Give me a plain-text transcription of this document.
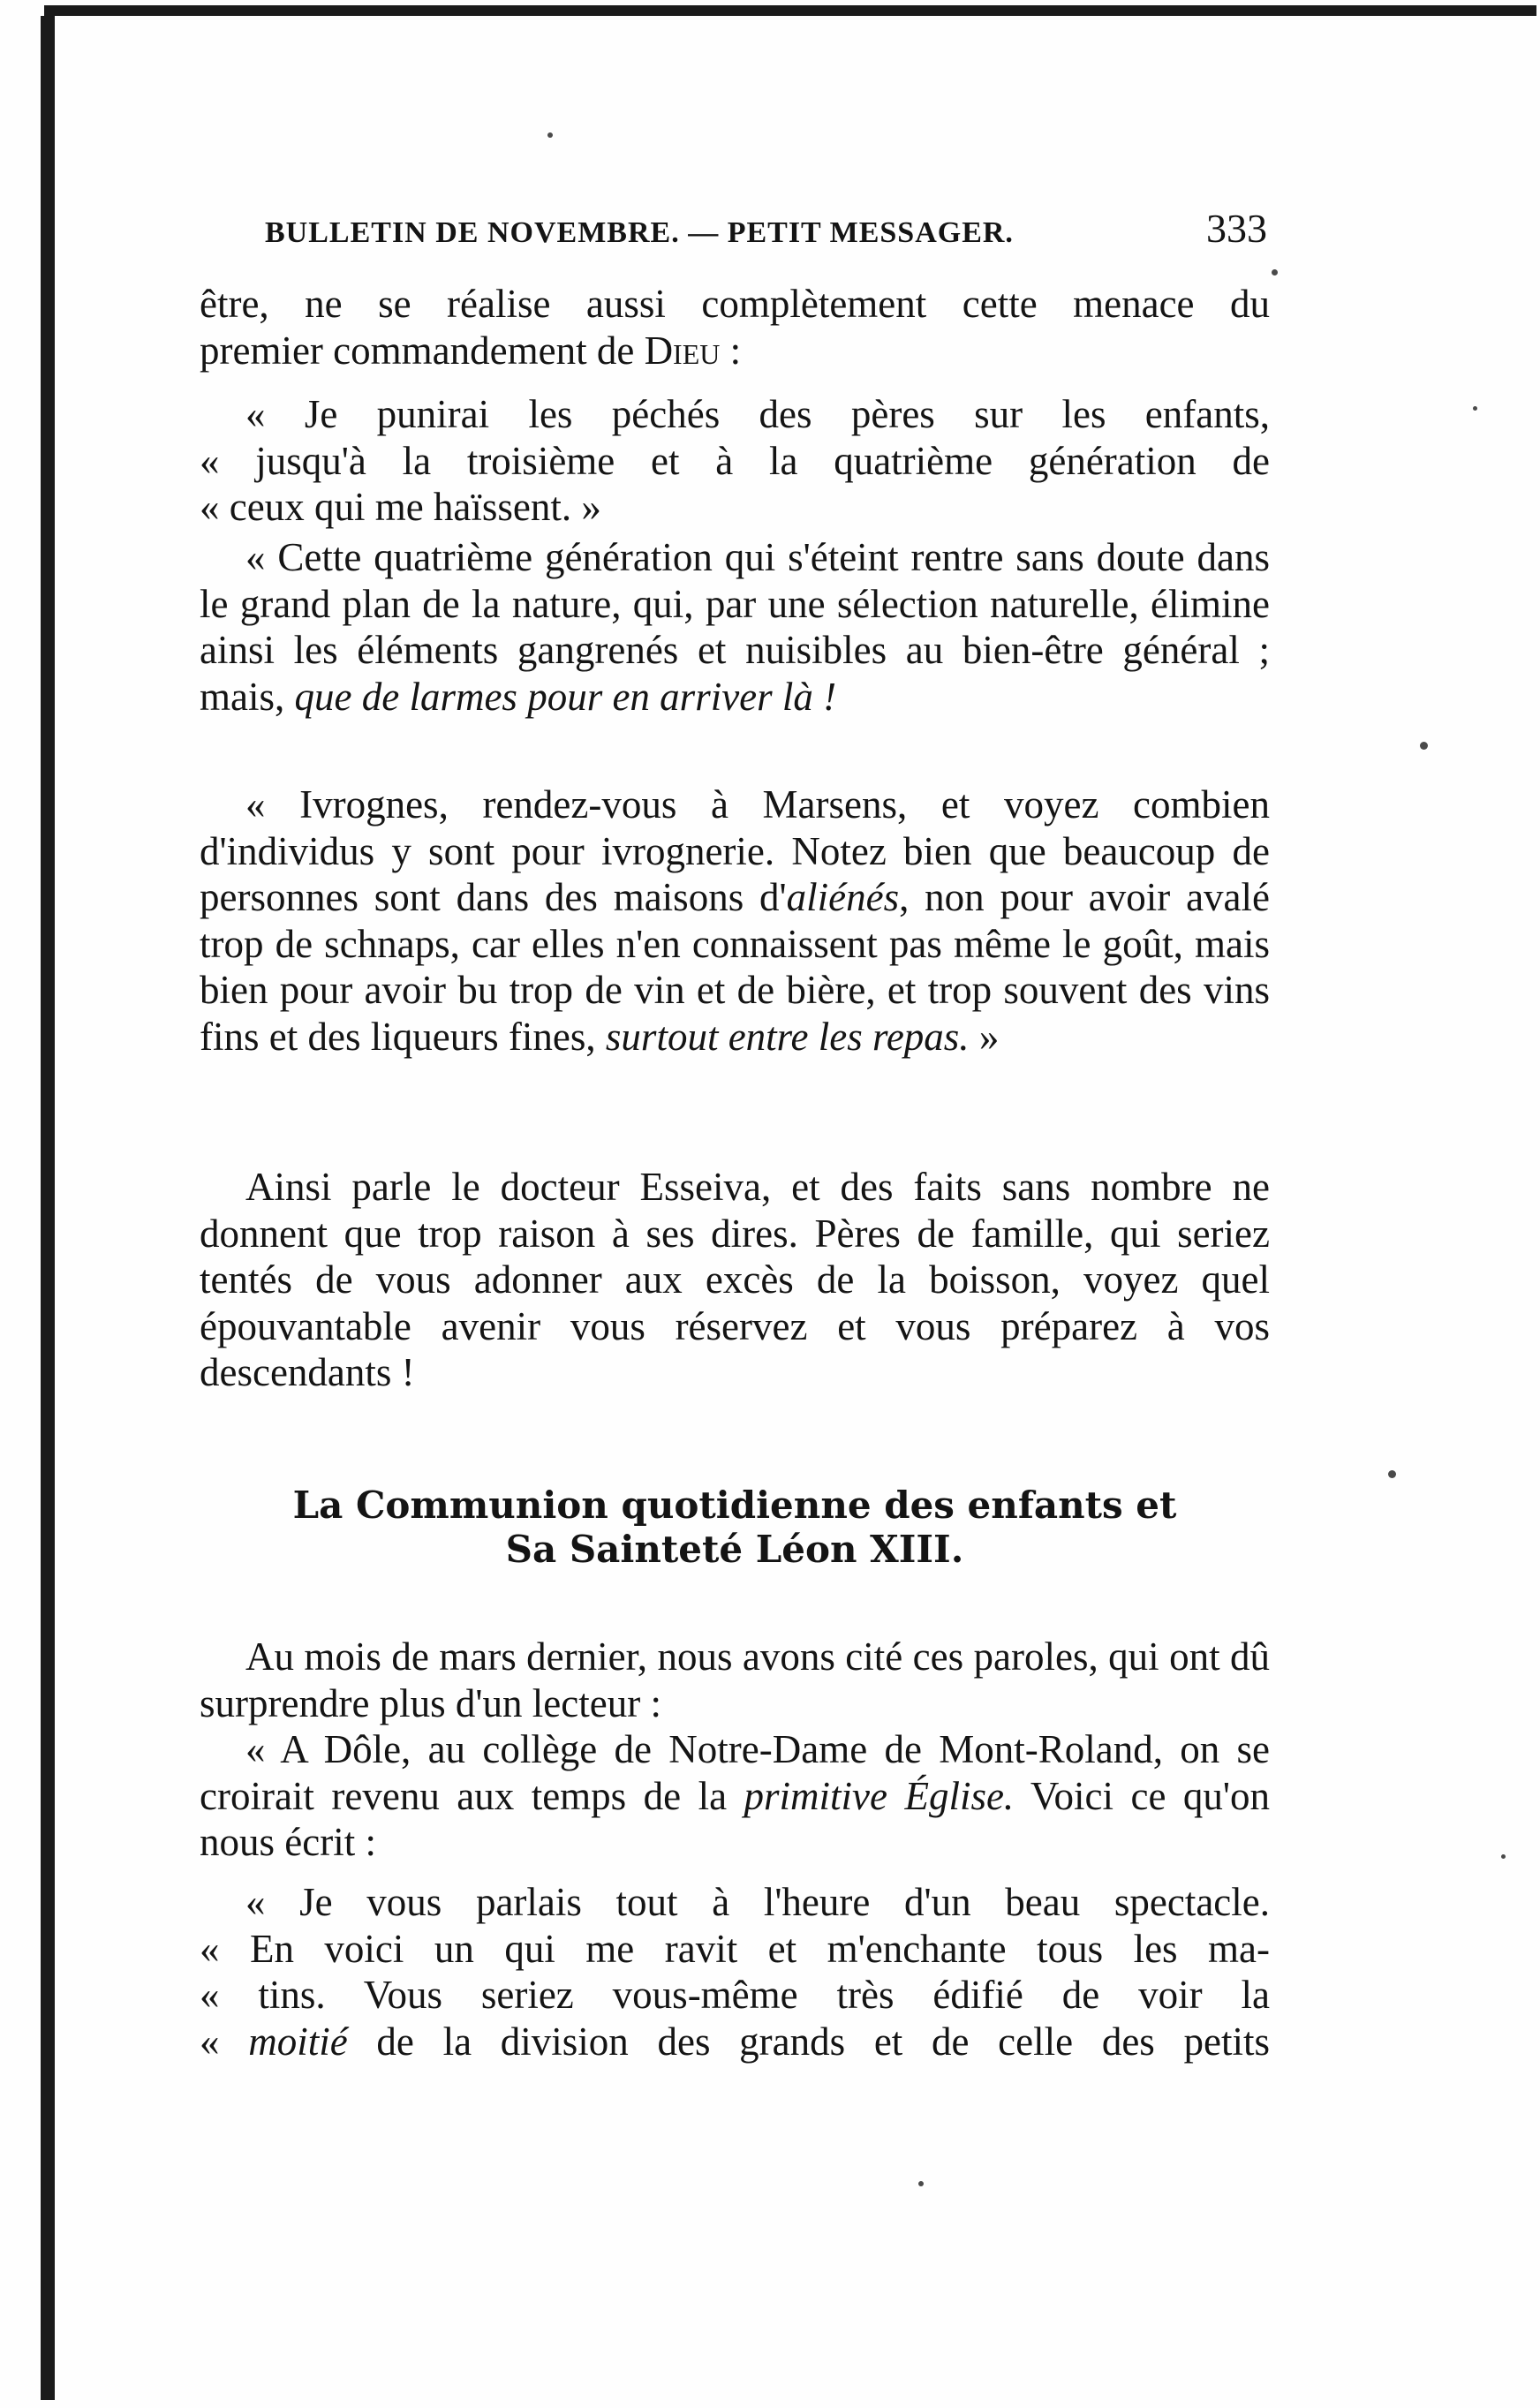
BULLETIN DE NOVEMBRE. — PETIT MESSAGER.	333

être, ne se réalise aussi complètement cette menace du
premier commandement de Dieu :

« Je punirai les péchés des pères sur les enfants,
« jusqu'à la troisième et à la quatrième génération de
« ceux qui me haïssent. »

« Cette quatrième génération qui s'éteint rentre sans doute dans le grand plan de la nature, qui, par une sélection naturelle, élimine ainsi les éléments gangrenés et nuisibles au bien-être général ; mais, que de larmes pour en arriver là !

« Ivrognes, rendez-vous à Marsens, et voyez combien d'individus y sont pour ivrognerie. Notez bien que beaucoup de personnes sont dans des maisons d'aliénés, non pour avoir avalé trop de schnaps, car elles n'en connaissent pas même le goût, mais bien pour avoir bu trop de vin et de bière, et trop souvent des vins fins et des liqueurs fines, surtout entre les repas. »

Ainsi parle le docteur Esseiva, et des faits sans nombre ne donnent que trop raison à ses dires. Pères de famille, qui seriez tentés de vous adonner aux excès de la boisson, voyez quel épouvantable avenir vous réservez et vous préparez à vos descendants !

La Communion quotidienne des enfants et
Sa Sainteté Léon XIII.

Au mois de mars dernier, nous avons cité ces paroles, qui ont dû surprendre plus d'un lecteur :

« A Dôle, au collège de Notre-Dame de Mont-Roland, on se croirait revenu aux temps de la primitive Église. Voici ce qu'on nous écrit :

« Je vous parlais tout à l'heure d'un beau spectacle.
« En voici un qui me ravit et m'enchante tous les ma-
« tins. Vous seriez vous-même très édifié de voir la
« moitié de la division des grands et de celle des petits
